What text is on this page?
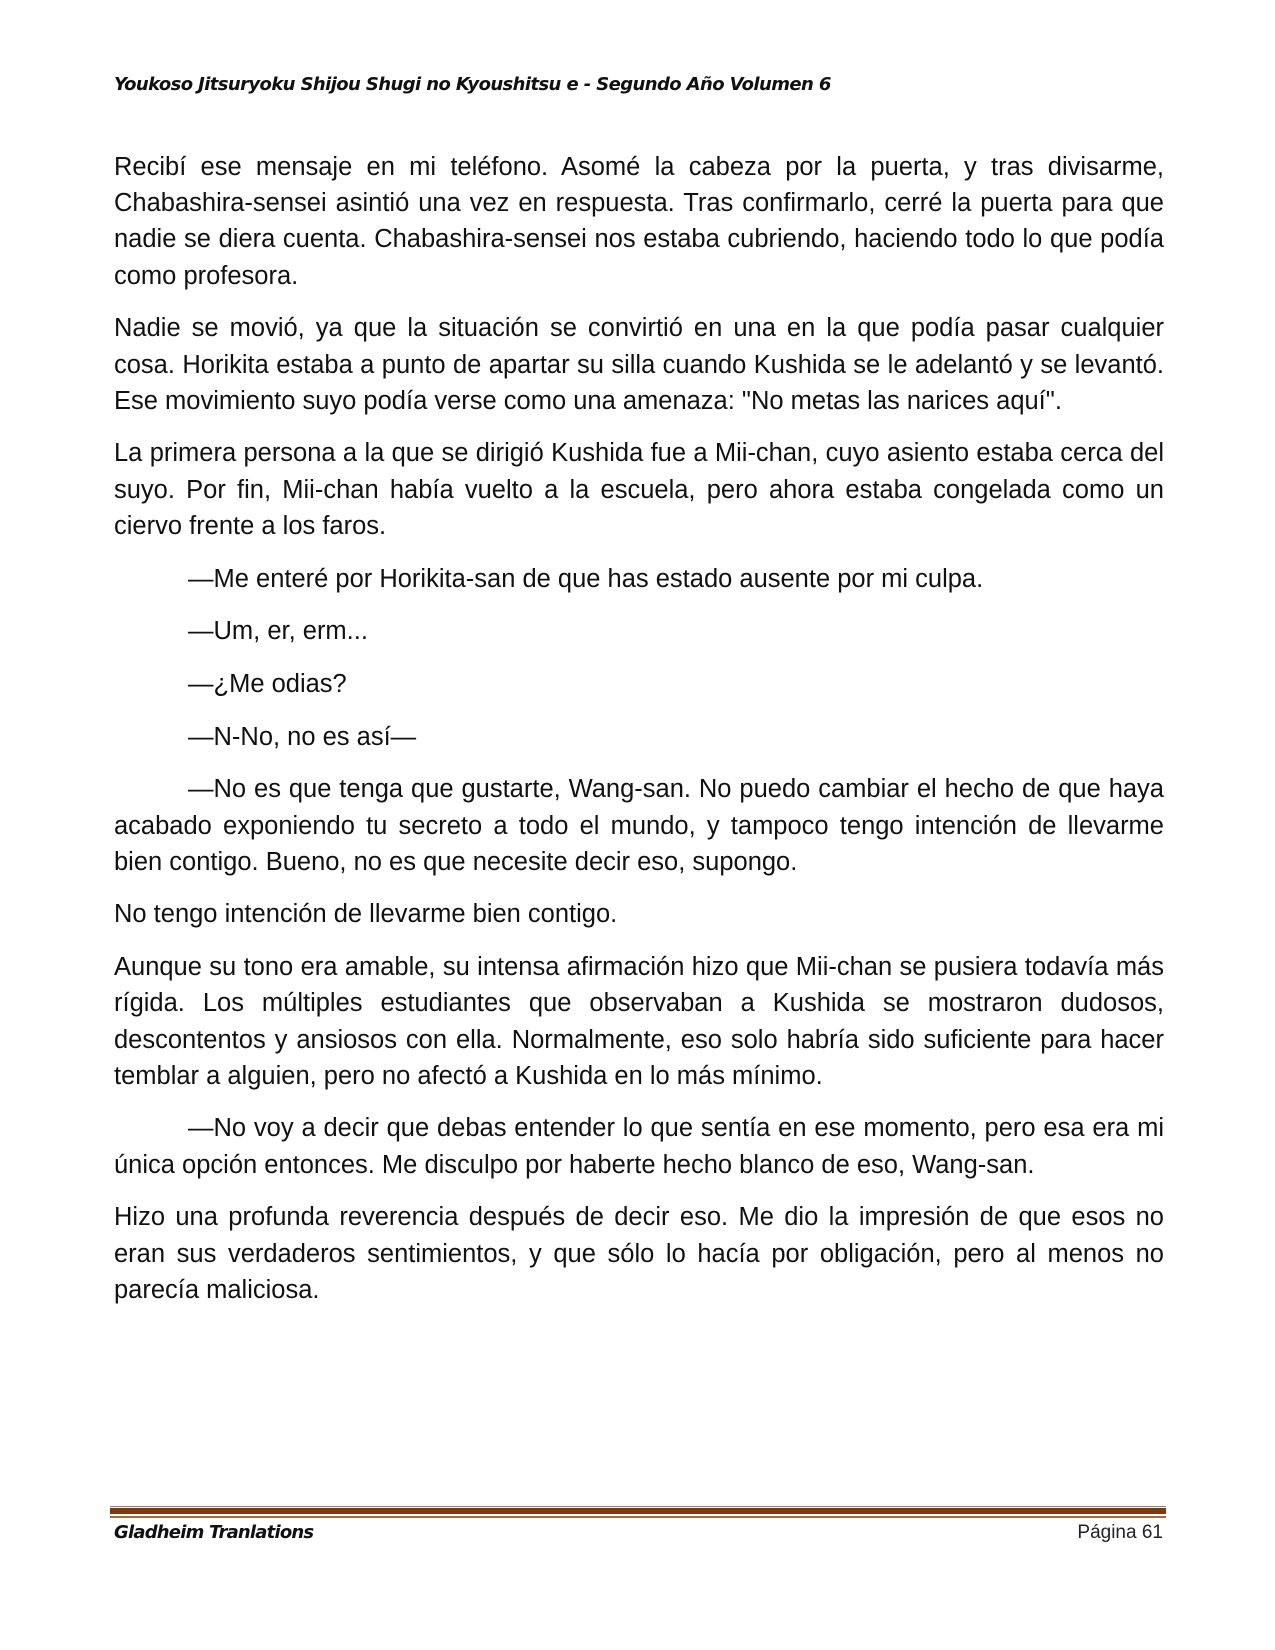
Youkoso Jitsuryoku Shijou Shugi no Kyoushitsu e - Segundo Año Volumen 6

Recibí ese mensaje en mi teléfono. Asomé la cabeza por la puerta, y tras divisarme, Chabashira-sensei asintió una vez en respuesta. Tras confirmarlo, cerré la puerta para que nadie se diera cuenta. Chabashira-sensei nos estaba cubriendo, haciendo todo lo que podía como profesora.

Nadie se movió, ya que la situación se convirtió en una en la que podía pasar cualquier cosa. Horikita estaba a punto de apartar su silla cuando Kushida se le adelantó y se levantó. Ese movimiento suyo podía verse como una amenaza: "No metas las narices aquí".

La primera persona a la que se dirigió Kushida fue a Mii-chan, cuyo asiento estaba cerca del suyo. Por fin, Mii-chan había vuelto a la escuela, pero ahora estaba congelada como un ciervo frente a los faros.

—Me enteré por Horikita-san de que has estado ausente por mi culpa.

—Um, er, erm...

—¿Me odias?

—N-No, no es así—

—No es que tenga que gustarte, Wang-san. No puedo cambiar el hecho de que haya acabado exponiendo tu secreto a todo el mundo, y tampoco tengo intención de llevarme bien contigo. Bueno, no es que necesite decir eso, supongo.

No tengo intención de llevarme bien contigo.

Aunque su tono era amable, su intensa afirmación hizo que Mii-chan se pusiera todavía más rígida. Los múltiples estudiantes que observaban a Kushida se mostraron dudosos, descontentos y ansiosos con ella. Normalmente, eso solo habría sido suficiente para hacer temblar a alguien, pero no afectó a Kushida en lo más mínimo.

—No voy a decir que debas entender lo que sentía en ese momento, pero esa era mi única opción entonces. Me disculpo por haberte hecho blanco de eso, Wang-san.

Hizo una profunda reverencia después de decir eso. Me dio la impresión de que esos no eran sus verdaderos sentimientos, y que sólo lo hacía por obligación, pero al menos no parecía maliciosa.

Gladheim Tranlations	Página 61
